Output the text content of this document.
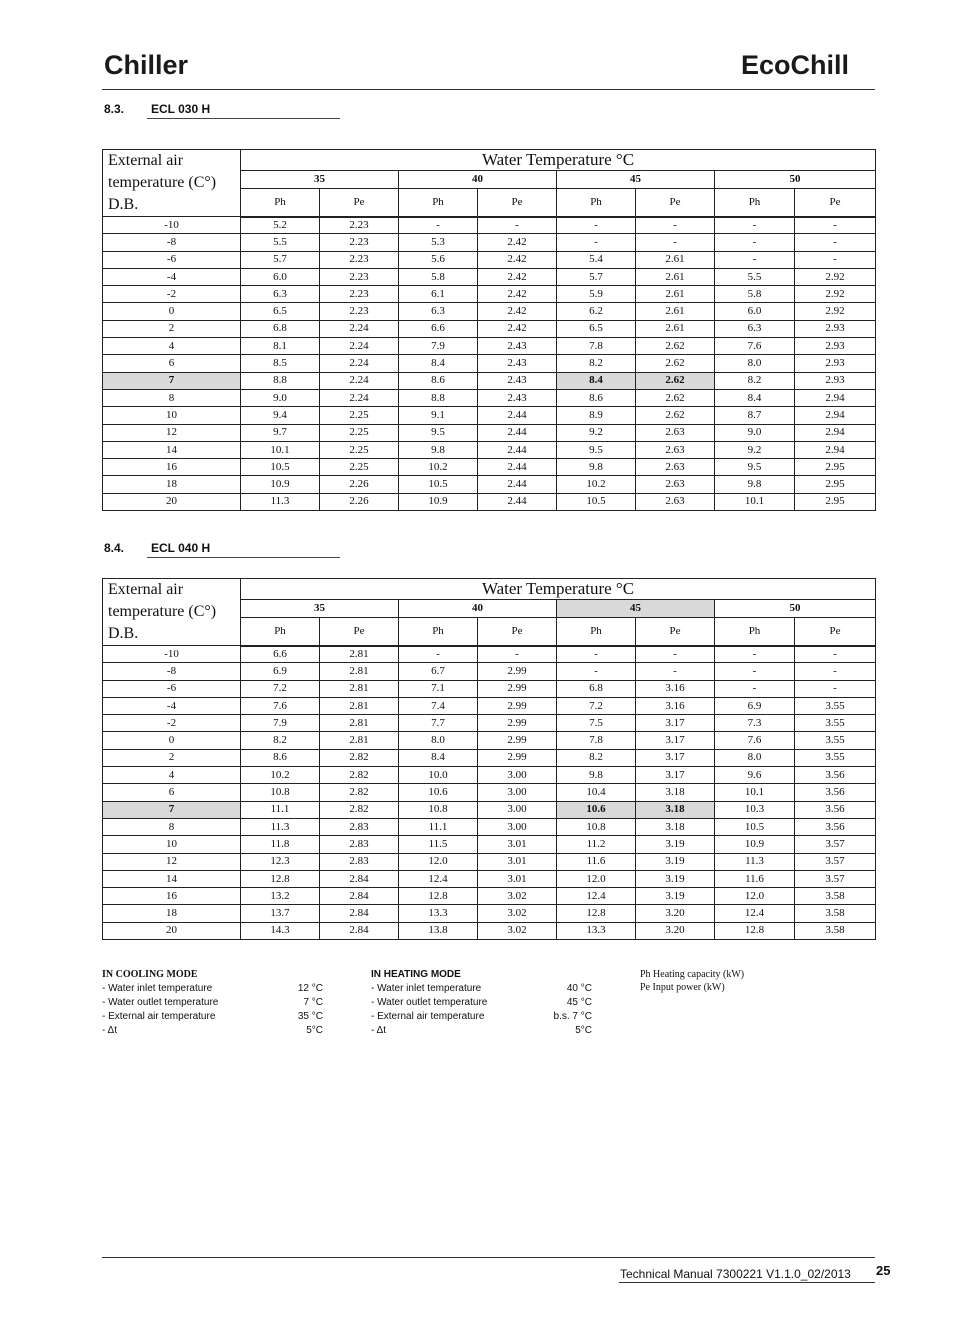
Chiller	EcoChill
8.3. ECL 030 H
External air
temperature (C°)
D.B.	Water Temperature °C							
	35		40		45		50	
	Ph	Pe	Ph	Pe	Ph	Pe	Ph	Pe
-10	5.2	2.23	-	-	-	-	-	-
-8	5.5	2.23	5.3	2.42	-	-	-	-
-6	5.7	2.23	5.6	2.42	5.4	2.61	-	-
-4	6.0	2.23	5.8	2.42	5.7	2.61	5.5	2.92
-2	6.3	2.23	6.1	2.42	5.9	2.61	5.8	2.92
0	6.5	2.23	6.3	2.42	6.2	2.61	6.0	2.92
2	6.8	2.24	6.6	2.42	6.5	2.61	6.3	2.93
4	8.1	2.24	7.9	2.43	7.8	2.62	7.6	2.93
6	8.5	2.24	8.4	2.43	8.2	2.62	8.0	2.93
7	8.8	2.24	8.6	2.43	8.4	2.62	8.2	2.93
8	9.0	2.24	8.8	2.43	8.6	2.62	8.4	2.94
10	9.4	2.25	9.1	2.44	8.9	2.62	8.7	2.94
12	9.7	2.25	9.5	2.44	9.2	2.63	9.0	2.94
14	10.1	2.25	9.8	2.44	9.5	2.63	9.2	2.94
16	10.5	2.25	10.2	2.44	9.8	2.63	9.5	2.95
18	10.9	2.26	10.5	2.44	10.2	2.63	9.8	2.95
20	11.3	2.26	10.9	2.44	10.5	2.63	10.1	2.95
8.4. ECL 040 H
External air
temperature (C°)
D.B.	Water Temperature °C							
	35		40		45		50	
	Ph	Pe	Ph	Pe	Ph	Pe	Ph	Pe
-10	6.6	2.81	-	-	-	-	-	-
-8	6.9	2.81	6.7	2.99	-	-	-	-
-6	7.2	2.81	7.1	2.99	6.8	3.16	-	-
-4	7.6	2.81	7.4	2.99	7.2	3.16	6.9	3.55
-2	7.9	2.81	7.7	2.99	7.5	3.17	7.3	3.55
0	8.2	2.81	8.0	2.99	7.8	3.17	7.6	3.55
2	8.6	2.82	8.4	2.99	8.2	3.17	8.0	3.55
4	10.2	2.82	10.0	3.00	9.8	3.17	9.6	3.56
6	10.8	2.82	10.6	3.00	10.4	3.18	10.1	3.56
7	11.1	2.82	10.8	3.00	10.6	3.18	10.3	3.56
8	11.3	2.83	11.1	3.00	10.8	3.18	10.5	3.56
10	11.8	2.83	11.5	3.01	11.2	3.19	10.9	3.57
12	12.3	2.83	12.0	3.01	11.6	3.19	11.3	3.57
14	12.8	2.84	12.4	3.01	12.0	3.19	11.6	3.57
16	13.2	2.84	12.8	3.02	12.4	3.19	12.0	3.58
18	13.7	2.84	13.3	3.02	12.8	3.20	12.4	3.58
20	14.3	2.84	13.8	3.02	13.3	3.20	12.8	3.58
IN COOLING MODE
- Water inlet temperature	12 °C
- Water outlet temperature	7 °C
- External air temperature	35 °C
- Δt	5°C
IN HEATING MODE
- Water inlet temperature	40 °C
- Water outlet temperature	45 °C
- External air temperature	b.s. 7 °C
- Δt	5°C
Ph Heating capacity (kW)
Pe Input power (kW)
Technical Manual 7300221 V1.1.0_02/2013 25
